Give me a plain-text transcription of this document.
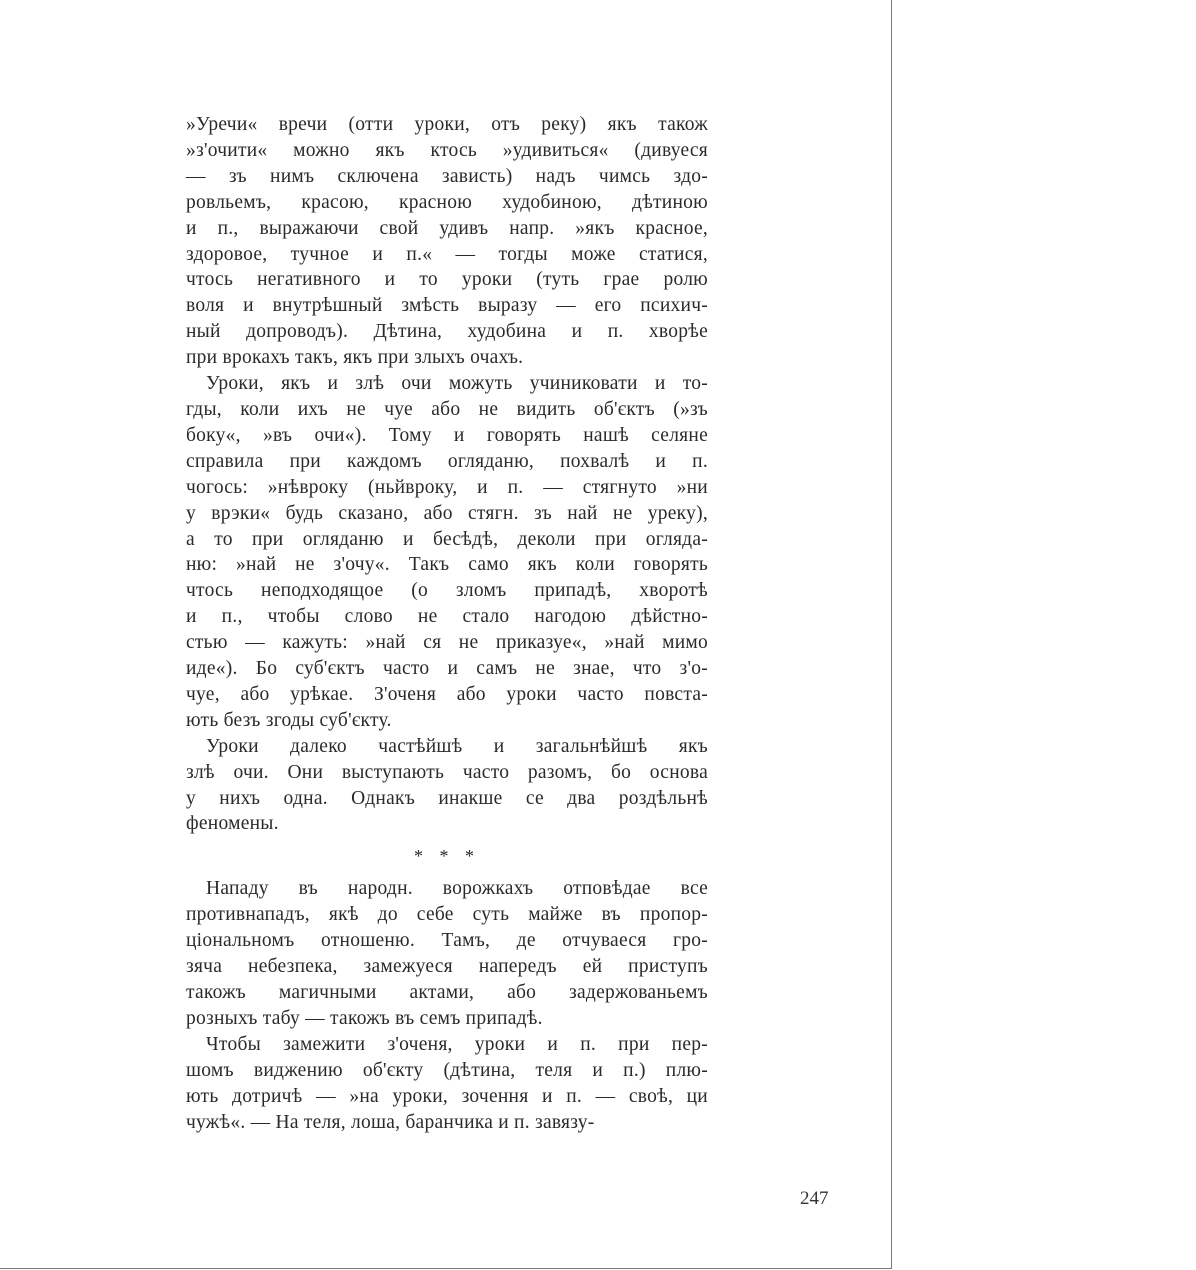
»Уречи« вречи (отти уроки, отъ реку) якъ також
»з'очити« можно якъ ктось »удивиться« (дивуеся
— зъ нимъ сключена зависть) надъ чимсь здо-
ровльемъ, красою, красною худобиною, дѣтиною
и п., выражаючи свой удивъ напр. »якъ красное,
здоровое, тучное и п.« — тогды може статися,
чтось негативного и то уроки (туть грае ролю
воля и внутрѣшный змѣсть выразу — его психич-
ный допроводъ). Дѣтина, худобина и п. хворѣе
при врокахъ такъ, якъ при злыхъ очахъ.
Уроки, якъ и злѣ очи можуть учиниковати и то-
гды, коли ихъ не чуе або не видить об'єктъ (»зъ
боку«, »въ очи«). Тому и говорять нашѣ селяне
справила при каждомъ огляданю, похвалѣ и п.
чогось: »нѣвроку (ньйвроку, и п. — стягнуто »ни
у врэки« будь сказано, або стягн. зъ най не уреку),
а то при огляданю и бесѣдѣ, деколи при огляда-
ню: »най не з'очу«. Такъ само якъ коли говорять
чтось неподходящое (о зломъ припадѣ, хворотѣ
и п., чтобы слово не стало нагодою дѣйстно-
стью — кажуть: »най ся не приказуе«, »най мимо
иде«). Бо суб'єктъ часто и самъ не знае, что з'о-
чуе, або урѣкае. З'оченя або уроки часто повста-
ють безъ згоды суб'єкту.
Уроки далеко частѣйшѣ и загальнѣйшѣ якъ
злѣ очи. Они выступають часто разомъ, бо основа
у нихъ одна. Однакъ инакше се два роздѣльнѣ
феномены.
* * *
Нападу въ народн. ворожкахъ отповѣдае все
противнападъ, якѣ до себе суть майже въ пропор-
цiональномъ отношеню. Тамъ, де отчуваеся гро-
зяча небезпека, замежуеся напередъ ей приступъ
такожъ магичными актами, або задержованьемъ
розныхъ табу — такожъ въ семъ припадѣ.
Чтобы замежити з'оченя, уроки и п. при пер-
шомъ виджению об'єкту (дѣтина, теля и п.) плю-
ють дотричѣ — »на уроки, зочення и п. — своѣ, ци
чужѣ«. — На теля, лоша, баранчика и п. завязу-
247
